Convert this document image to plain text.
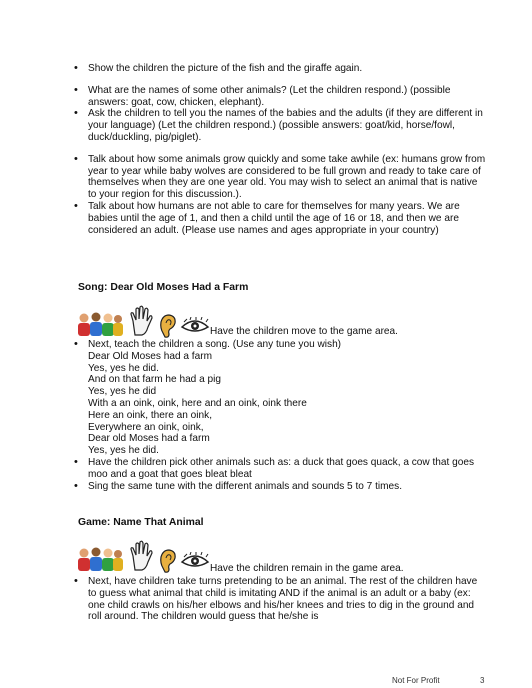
• Show the children the picture of the fish and the giraffe again.
• What are the names of some other animals? (Let the children respond.) (possible answers: goat, cow, chicken, elephant).
• Ask the children to tell you the names of the babies and the adults (if they are different in your language) (Let the children respond.) (possible answers: goat/kid, horse/fowl, duck/duckling, pig/piglet).
• Talk about how some animals grow quickly and some take awhile (ex: humans grow from year to year while baby wolves are considered to be full grown and ready to take care of themselves when they are one year old. You may wish to select an animal that is native to your region for this discussion.).
• Talk about how humans are not able to care for themselves for many years. We are babies until the age of 1, and then a child until the age of 16 or 18, and then we are considered an adult. (Please use names and ages appropriate in your country)
Song: Dear Old Moses Had a Farm
Have the children move to the game area.
• Next, teach the children a song. (Use any tune you wish)
Dear Old Moses had a farm
Yes, yes he did.
And on that farm he had a pig
Yes, yes he did
With a an oink, oink, here and an oink, oink there
Here an oink, there an oink,
Everywhere an oink, oink,
Dear old Moses had a farm
Yes, yes he did.
• Have the children pick other animals such as: a duck that goes quack, a cow that goes moo and a goat that goes bleat bleat
• Sing the same tune with the different animals and sounds 5 to 7 times.
Game: Name That Animal
Have the children remain in the game area.
• Next, have children take turns pretending to be an animal. The rest of the children have to guess what animal that child is imitating AND if the animal is an adult or a baby (ex: one child crawls on his/her elbows and his/her knees and tries to dig in the ground and roll around. The children would guess that he/she is
Not For Profit	3
